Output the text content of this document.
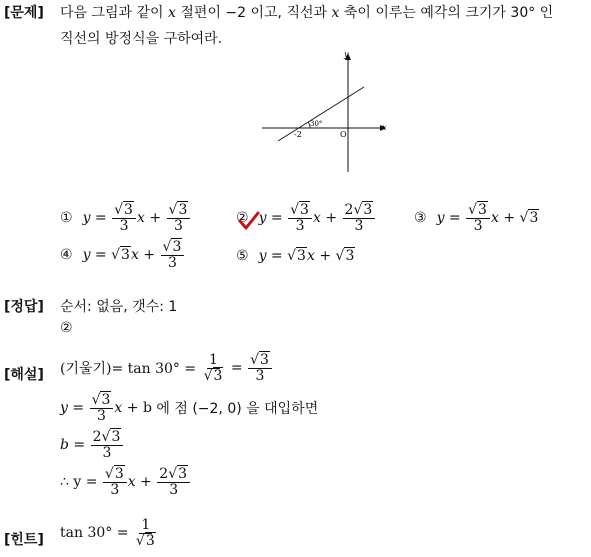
[문제] 다음 그림과 같이 x 절편이 −2 이고, 직선과 x 축이 이루는 예각의 크기가 30° 인
직선의 방정식을 구하여라.
y
x
O
-2
30°
① $y = \frac{√3}{3}$ $x + \frac{√3}{3}$	② $y = \frac{√3}{3}$ $x + \frac{2√3}{3}$	③ $y = \frac{√3}{3}$ x + √3
④ y = √3 $x + \frac{√3}{3}$	⑤ y = √3 x + √3
[정답] 순서: 없음, 갯수: 1
②
[해설] (기울기)= tan 30° =
$\frac{1}{√3} = \frac{√3}{3}$
$y = \frac{√3}{3}$ x
+ b
에 점 (−2, 0) 을 대입하면
b =
$\frac{2√3}{3}$
∴ y =
$\frac{√3}{3}$ $x + \frac{2√3}{3}$
[힌트] tan 30° =
$\frac{1}{√3}$
